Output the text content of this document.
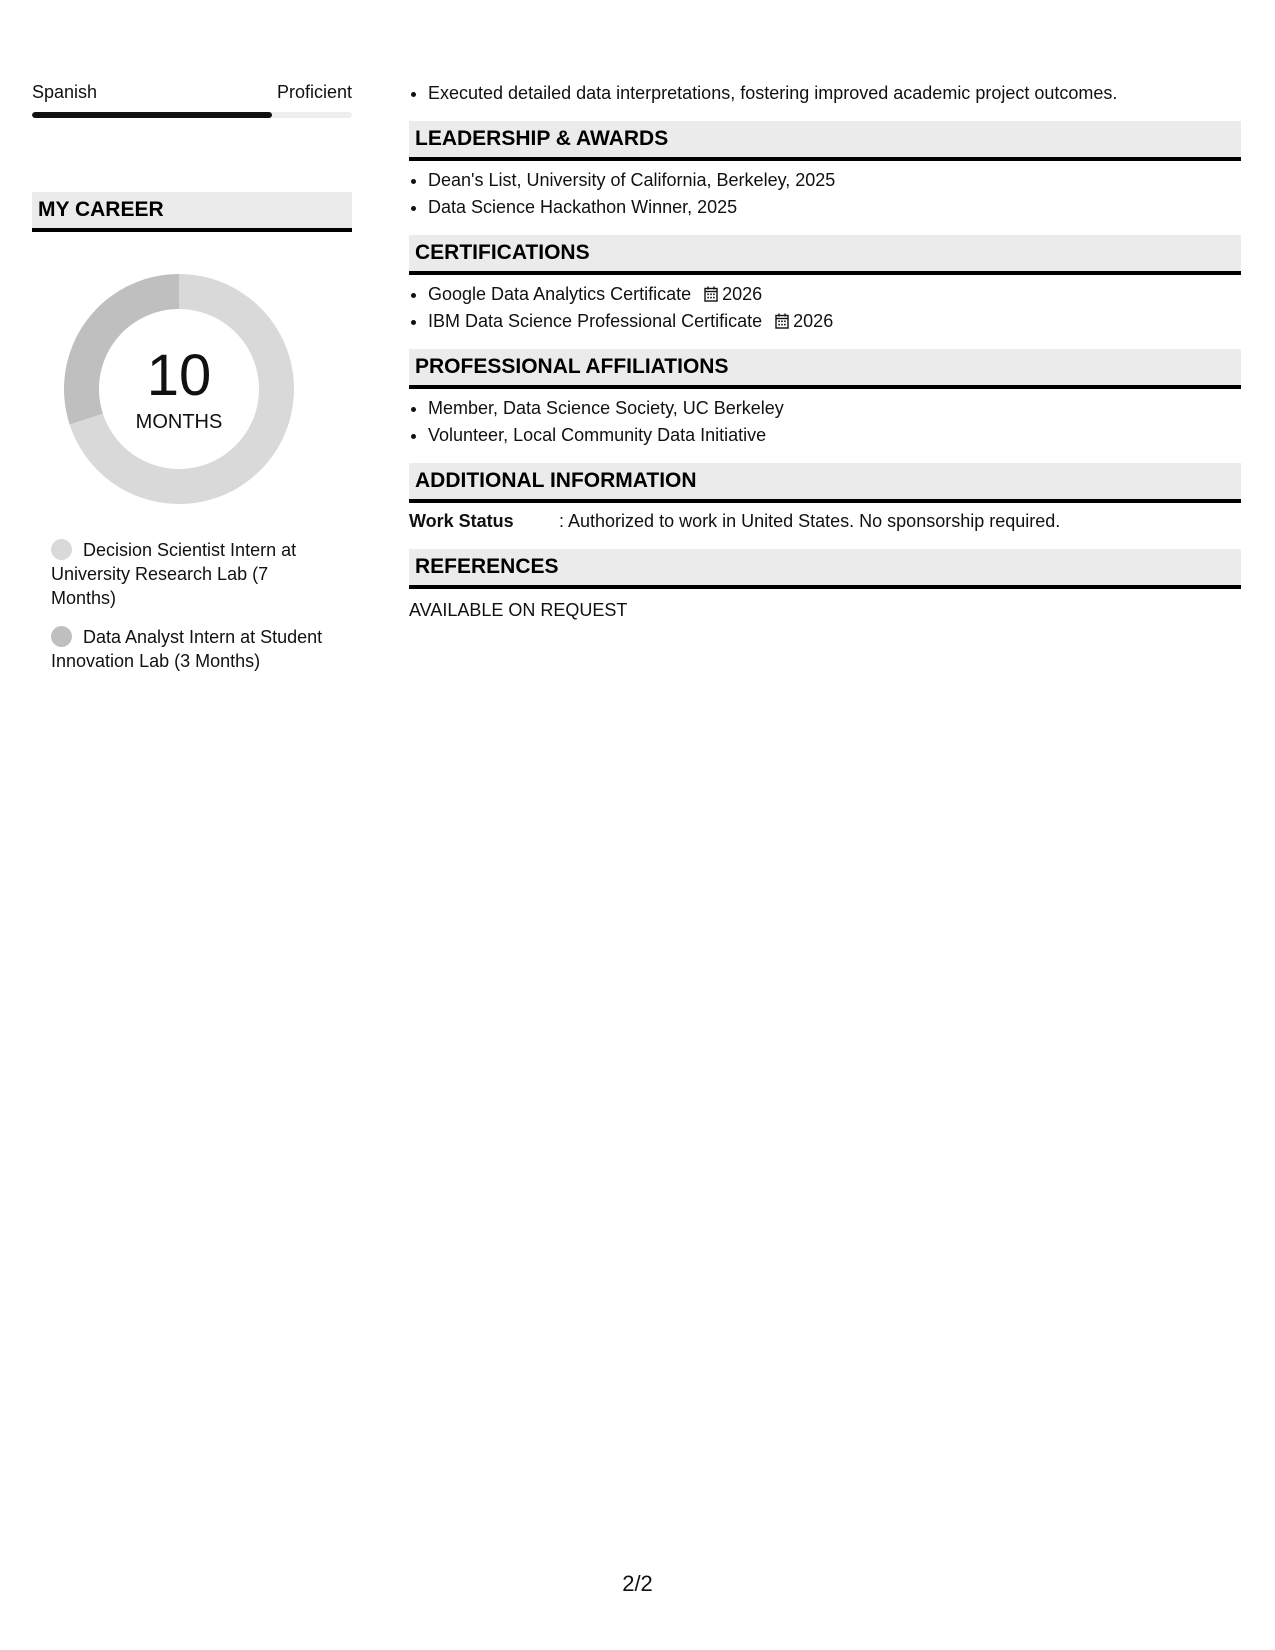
Spanish	Proficient
MY CAREER
10
MONTHS
Decision Scientist Intern at University Research Lab (7 Months)
Data Analyst Intern at Student Innovation Lab (3 Months)
• Executed detailed data interpretations, fostering improved academic project outcomes.
LEADERSHIP & AWARDS
• Dean's List, University of California, Berkeley, 2025
• Data Science Hackathon Winner, 2025
CERTIFICATIONS
• Google Data Analytics Certificate 2026
• IBM Data Science Professional Certificate 2026
PROFESSIONAL AFFILIATIONS
• Member, Data Science Society, UC Berkeley
• Volunteer, Local Community Data Initiative
ADDITIONAL INFORMATION
Work Status	: Authorized to work in United States. No sponsorship required.
REFERENCES
AVAILABLE ON REQUEST
2/2
